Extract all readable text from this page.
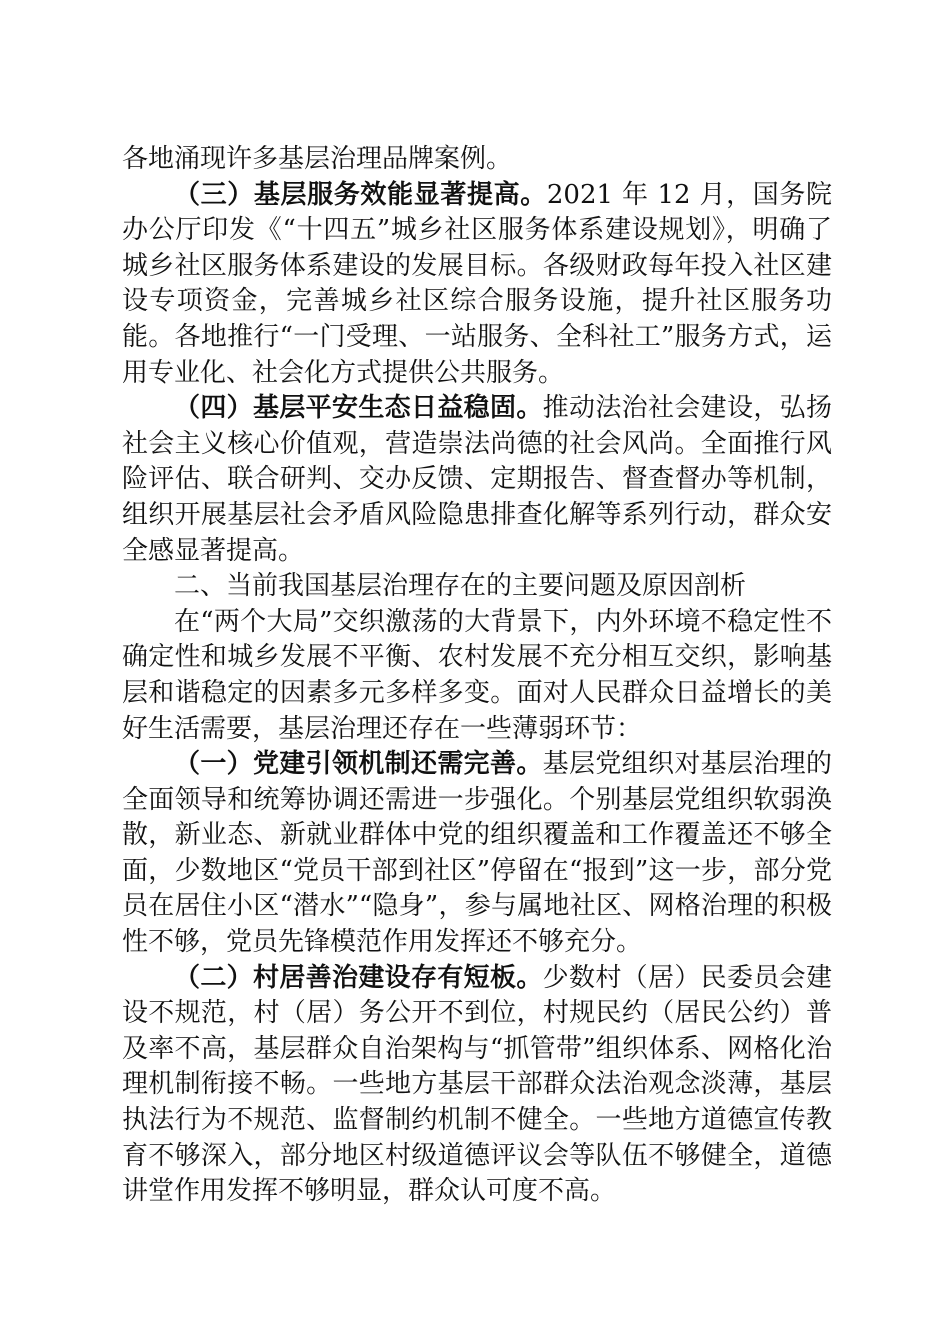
各地涌现许多基层治理品牌案例。

（三）基层服务效能显著提高。2021 年 12 月，国务院办公厅印发《“十四五”城乡社区服务体系建设规划》，明确了城乡社区服务体系建设的发展目标。各级财政每年投入社区建设专项资金，完善城乡社区综合服务设施，提升社区服务功能。各地推行“一门受理、一站服务、全科社工”服务方式，运用专业化、社会化方式提供公共服务。

（四）基层平安生态日益稳固。推动法治社会建设，弘扬社会主义核心价值观，营造崇法尚德的社会风尚。全面推行风险评估、联合研判、交办反馈、定期报告、督查督办等机制，组织开展基层社会矛盾风险隐患排查化解等系列行动，群众安全感显著提高。

二、当前我国基层治理存在的主要问题及原因剖析

在“两个大局”交织激荡的大背景下，内外环境不稳定性不确定性和城乡发展不平衡、农村发展不充分相互交织，影响基层和谐稳定的因素多元多样多变。面对人民群众日益增长的美好生活需要，基层治理还存在一些薄弱环节：

（一）党建引领机制还需完善。基层党组织对基层治理的全面领导和统筹协调还需进一步强化。个别基层党组织软弱涣散，新业态、新就业群体中党的组织覆盖和工作覆盖还不够全面，少数地区“党员干部到社区”停留在“报到”这一步，部分党员在居住小区“潜水”“隐身”，参与属地社区、网格治理的积极性不够，党员先锋模范作用发挥还不够充分。

（二）村居善治建设存有短板。少数村（居）民委员会建设不规范，村（居）务公开不到位，村规民约（居民公约）普及率不高，基层群众自治架构与“抓管带”组织体系、网格化治理机制衔接不畅。一些地方基层干部群众法治观念淡薄，基层执法行为不规范、监督制约机制不健全。一些地方道德宣传教育不够深入，部分地区村级道德评议会等队伍不够健全，道德讲堂作用发挥不够明显，群众认可度不高。
